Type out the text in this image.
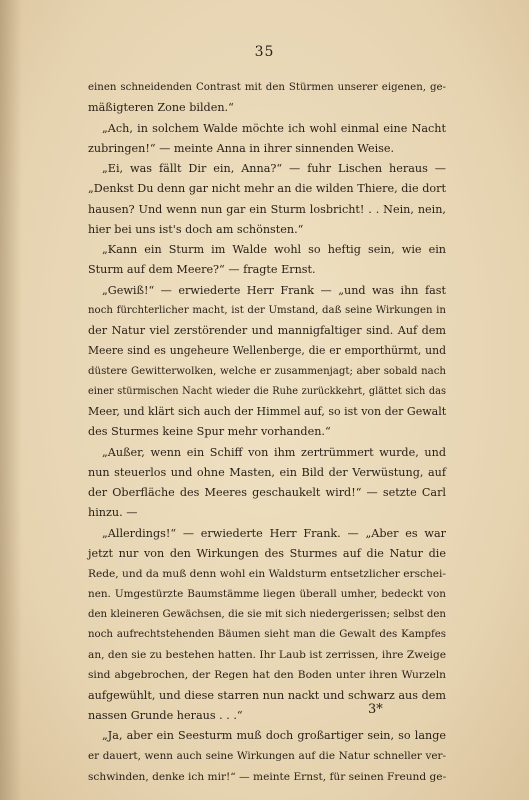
35
einen schneidenden Contrast mit den Stürmen unserer eigenen, ge-
mäßigteren Zone bilden.“
„Ach, in solchem Walde möchte ich wohl einmal eine Nacht
zubringen!“ — meinte Anna in ihrer sinnenden Weise.
„Ei, was fällt Dir ein, Anna?“ — fuhr Lischen heraus —
„Denkst Du denn gar nicht mehr an die wilden Thiere, die dort
hausen? Und wenn nun gar ein Sturm losbricht! . . Nein, nein,
hier bei uns ist's doch am schönsten.“
„Kann ein Sturm im Walde wohl so heftig sein, wie ein
Sturm auf dem Meere?“ — fragte Ernst.
„Gewiß!“ — erwiederte Herr Frank — „und was ihn fast
noch fürchterlicher macht, ist der Umstand, daß seine Wirkungen in
der Natur viel zerstörender und mannigfaltiger sind. Auf dem
Meere sind es ungeheure Wellenberge, die er emporthürmt, und
düstere Gewitterwolken, welche er zusammenjagt; aber sobald nach
einer stürmischen Nacht wieder die Ruhe zurückkehrt, glättet sich das
Meer, und klärt sich auch der Himmel auf, so ist von der Gewalt
des Sturmes keine Spur mehr vorhanden.“
„Außer, wenn ein Schiff von ihm zertrümmert wurde, und
nun steuerlos und ohne Masten, ein Bild der Verwüstung, auf
der Oberfläche des Meeres geschaukelt wird!“ — setzte Carl
hinzu. —
„Allerdings!“ — erwiederte Herr Frank. — „Aber es war
jetzt nur von den Wirkungen des Sturmes auf die Natur die
Rede, und da muß denn wohl ein Waldsturm entsetzlicher erschei-
nen. Umgestürzte Baumstämme liegen überall umher, bedeckt von
den kleineren Gewächsen, die sie mit sich niedergerissen; selbst den
noch aufrechtstehenden Bäumen sieht man die Gewalt des Kampfes
an, den sie zu bestehen hatten. Ihr Laub ist zerrissen, ihre Zweige
sind abgebrochen, der Regen hat den Boden unter ihren Wurzeln
aufgewühlt, und diese starren nun nackt und schwarz aus dem
nassen Grunde heraus . . .“
„Ja, aber ein Seesturm muß doch großartiger sein, so lange
er dauert, wenn auch seine Wirkungen auf die Natur schneller ver-
schwinden, denke ich mir!“ — meinte Ernst, für seinen Freund ge-
3*
